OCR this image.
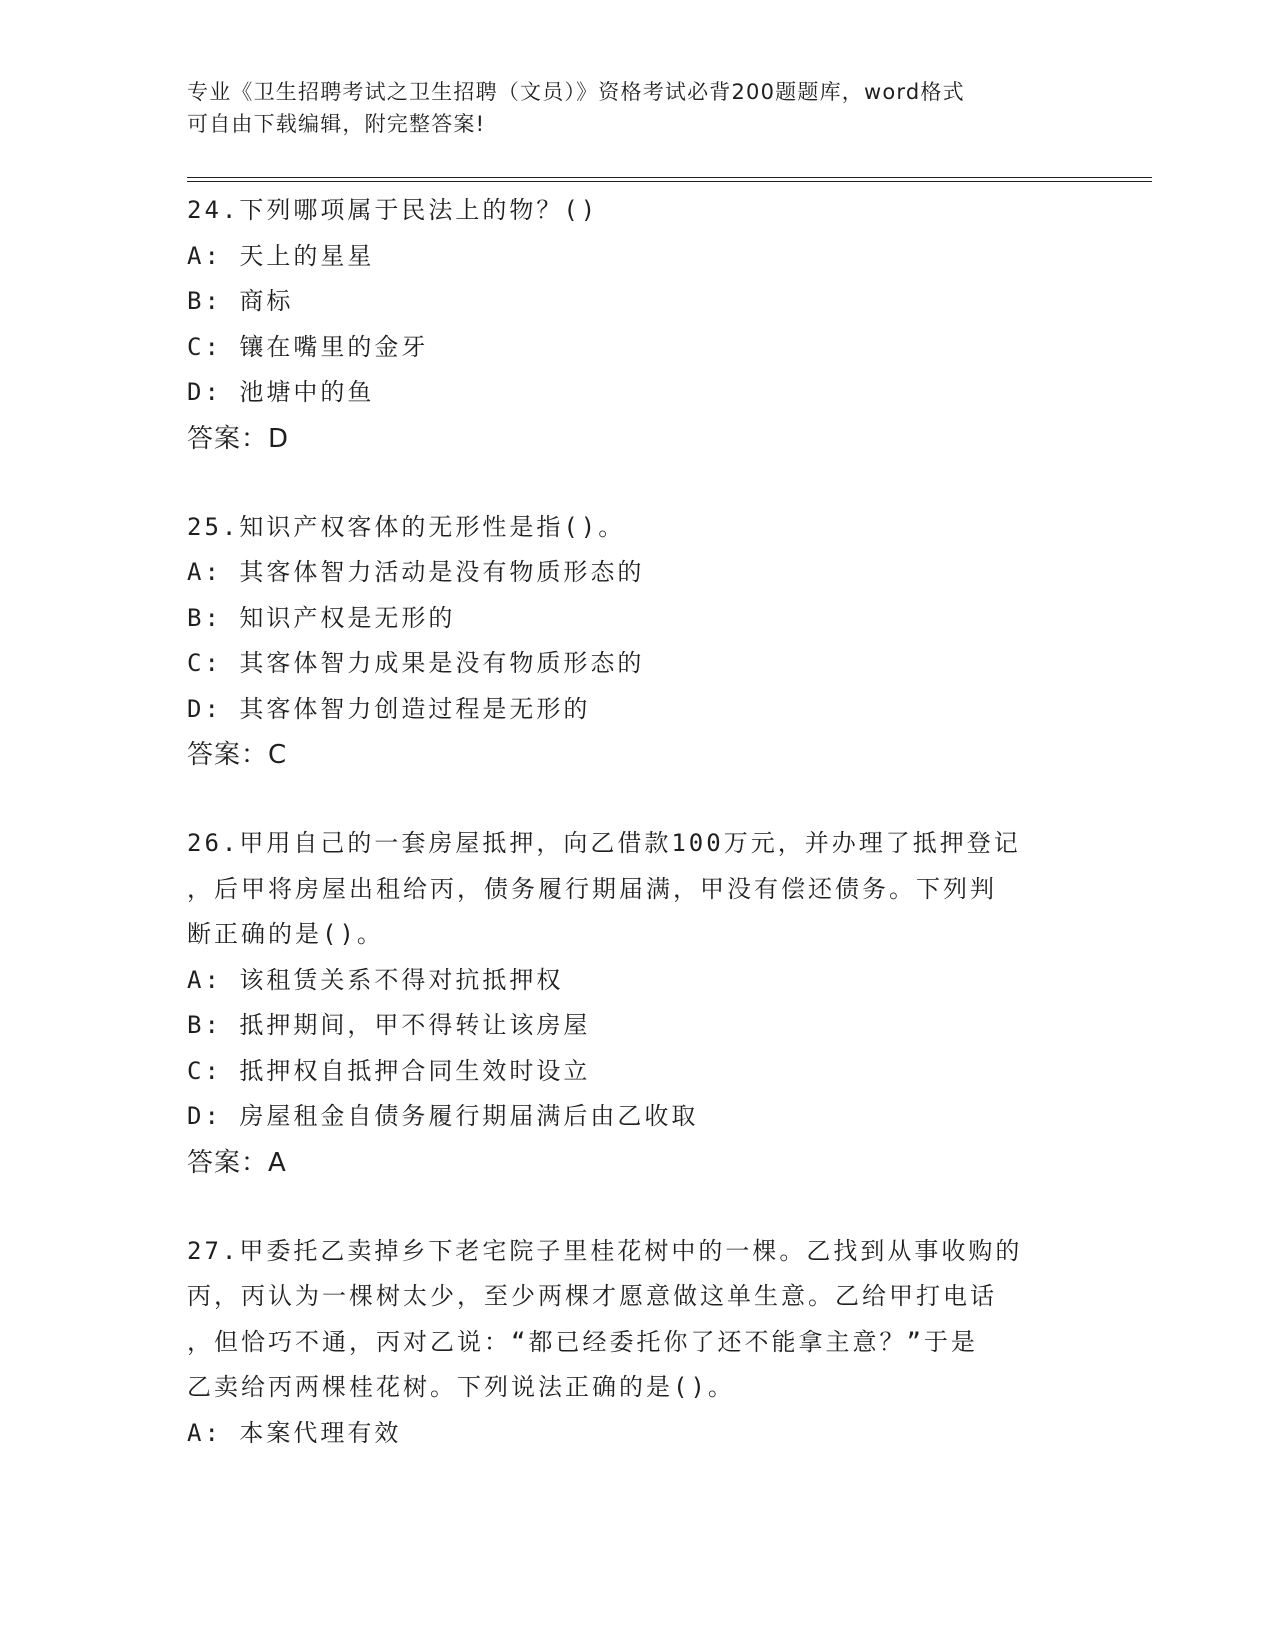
专业《卫生招聘考试之卫生招聘（文员）》资格考试必背200题题库，word格式
可自由下载编辑，附完整答案!
24.下列哪项属于民法上的物？()
A: 天上的星星
B: 商标
C: 镶在嘴里的金牙
D: 池塘中的鱼
答案：D
25.知识产权客体的无形性是指()。
A: 其客体智力活动是没有物质形态的
B: 知识产权是无形的
C: 其客体智力成果是没有物质形态的
D: 其客体智力创造过程是无形的
答案：C
26.甲用自己的一套房屋抵押，向乙借款100万元，并办理了抵押登记
，后甲将房屋出租给丙，债务履行期届满，甲没有偿还债务。下列判
断正确的是()。
A: 该租赁关系不得对抗抵押权
B: 抵押期间，甲不得转让该房屋
C: 抵押权自抵押合同生效时设立
D: 房屋租金自债务履行期届满后由乙收取
答案：A
27.甲委托乙卖掉乡下老宅院子里桂花树中的一棵。乙找到从事收购的
丙，丙认为一棵树太少，至少两棵才愿意做这单生意。乙给甲打电话
，但恰巧不通，丙对乙说：“都已经委托你了还不能拿主意？”于是
乙卖给丙两棵桂花树。下列说法正确的是()。
A: 本案代理有效
